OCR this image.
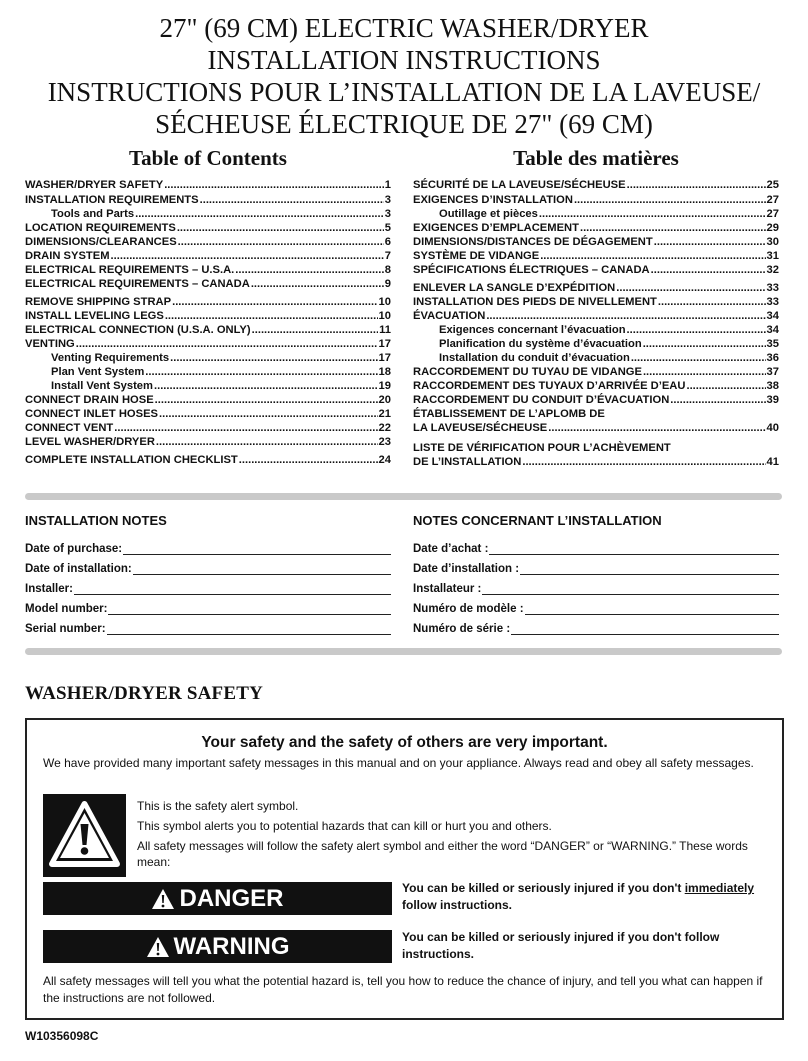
27" (69 CM) ELECTRIC WASHER/DRYER
INSTALLATION INSTRUCTIONS
INSTRUCTIONS POUR L’INSTALLATION DE LA LAVEUSE/
SÉCHEUSE ÉLECTRIQUE DE 27" (69 CM)
Table of Contents
WASHER/DRYER SAFETY .....	1
INSTALLATION REQUIREMENTS .....	3
Tools and Parts .....	3
LOCATION REQUIREMENTS .....	5
DIMENSIONS/CLEARANCES .....	6
DRAIN SYSTEM .....	7
ELECTRICAL REQUIREMENTS – U.S.A. .....	8
ELECTRICAL REQUIREMENTS – CANADA .....	9
REMOVE SHIPPING STRAP .....	10
INSTALL LEVELING LEGS .....	10
ELECTRICAL CONNECTION (U.S.A. ONLY) .....	11
VENTING .....	17
Venting Requirements .....	17
Plan Vent System .....	18
Install Vent System .....	19
CONNECT DRAIN HOSE .....	20
CONNECT INLET HOSES .....	21
CONNECT VENT .....	22
LEVEL WASHER/DRYER .....	23
COMPLETE INSTALLATION CHECKLIST .....	24
Table des matières
SÉCURITÉ DE LA LAVEUSE/SÉCHEUSE .....	25
EXIGENCES D’INSTALLATION .....	27
Outillage et pièces .....	27
EXIGENCES D’EMPLACEMENT .....	29
DIMENSIONS/DISTANCES DE DÉGAGEMENT .....	30
SYSTÈME DE VIDANGE .....	31
SPÉCIFICATIONS ÉLECTRIQUES – CANADA .....	32
ENLEVER LA SANGLE D’EXPÉDITION .....	33
INSTALLATION DES PIEDS DE NIVELLEMENT .....	33
ÉVACUATION .....	34
Exigences concernant l’évacuation .....	34
Planification du système d’évacuation .....	35
Installation du conduit d’évacuation .....	36
RACCORDEMENT DU TUYAU DE VIDANGE .....	37
RACCORDEMENT DES TUYAUX D’ARRIVÉE D’EAU .....	38
RACCORDEMENT DU CONDUIT D’ÉVACUATION .....	39
ÉTABLISSEMENT DE L’APLOMB DE
LA LAVEUSE/SÉCHEUSE .....	40
LISTE DE VÉRIFICATION POUR L’ACHÈVEMENT
DE L’INSTALLATION .....	41
INSTALLATION NOTES
Date of purchase:
Date of installation:
Installer:
Model number:
Serial number:
NOTES CONCERNANT L’INSTALLATION
Date d’achat :
Date d’installation :
Installateur :
Numéro de modèle :
Numéro de série :
WASHER/DRYER SAFETY
Your safety and the safety of others are very important.
We have provided many important safety messages in this manual and on your appliance. Always read and obey all safety messages.
This is the safety alert symbol.
This symbol alerts you to potential hazards that can kill or hurt you and others.
All safety messages will follow the safety alert symbol and either the word “DANGER” or “WARNING.” These words mean:
DANGER	You can be killed or seriously injured if you don't immediately follow instructions.
WARNING	You can be killed or seriously injured if you don't follow instructions.
All safety messages will tell you what the potential hazard is, tell you how to reduce the chance of injury, and tell you what can happen if the instructions are not followed.
W10356098C
